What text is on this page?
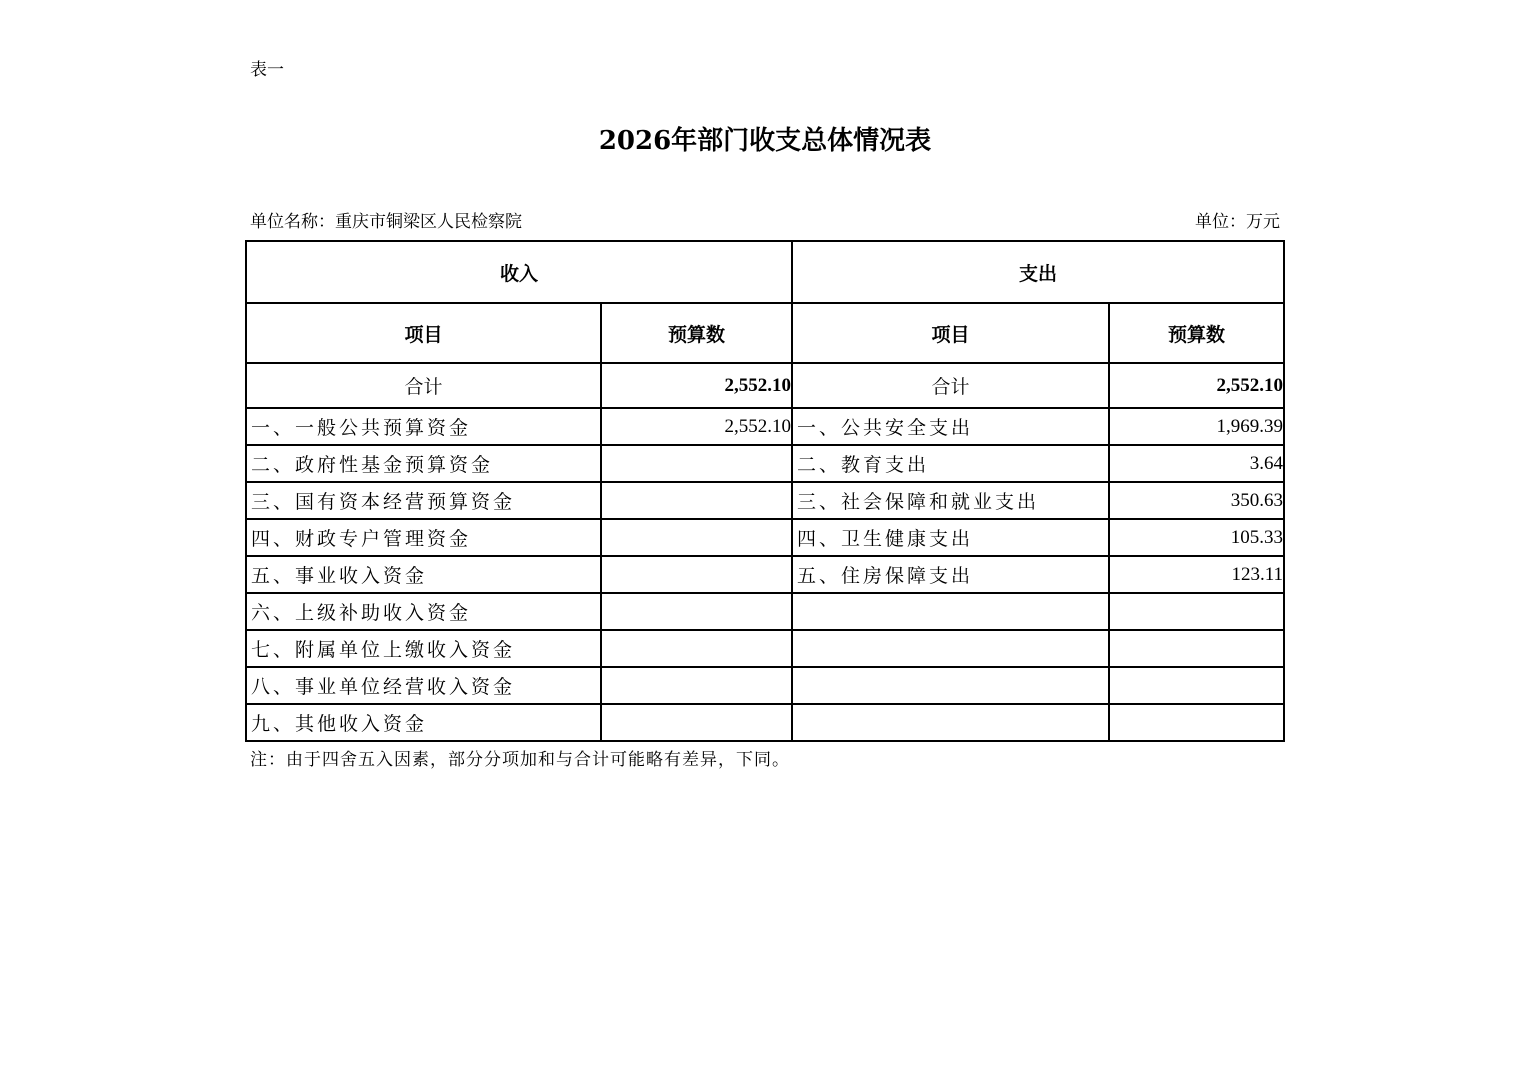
表一
2026年部门收支总体情况表
单位名称：重庆市铜梁区人民检察院	单位：万元
收入		支出	
项目	预算数	项目	预算数
合计	2,552.10	合计	2,552.10
一、一般公共预算资金	2,552.10	一、公共安全支出	1,969.39
二、政府性基金预算资金		二、教育支出	3.64
三、国有资本经营预算资金		三、社会保障和就业支出	350.63
四、财政专户管理资金		四、卫生健康支出	105.33
五、事业收入资金		五、住房保障支出	123.11
六、上级补助收入资金			
七、附属单位上缴收入资金			
八、事业单位经营收入资金			
九、其他收入资金			
注：由于四舍五入因素，部分分项加和与合计可能略有差异，下同。
